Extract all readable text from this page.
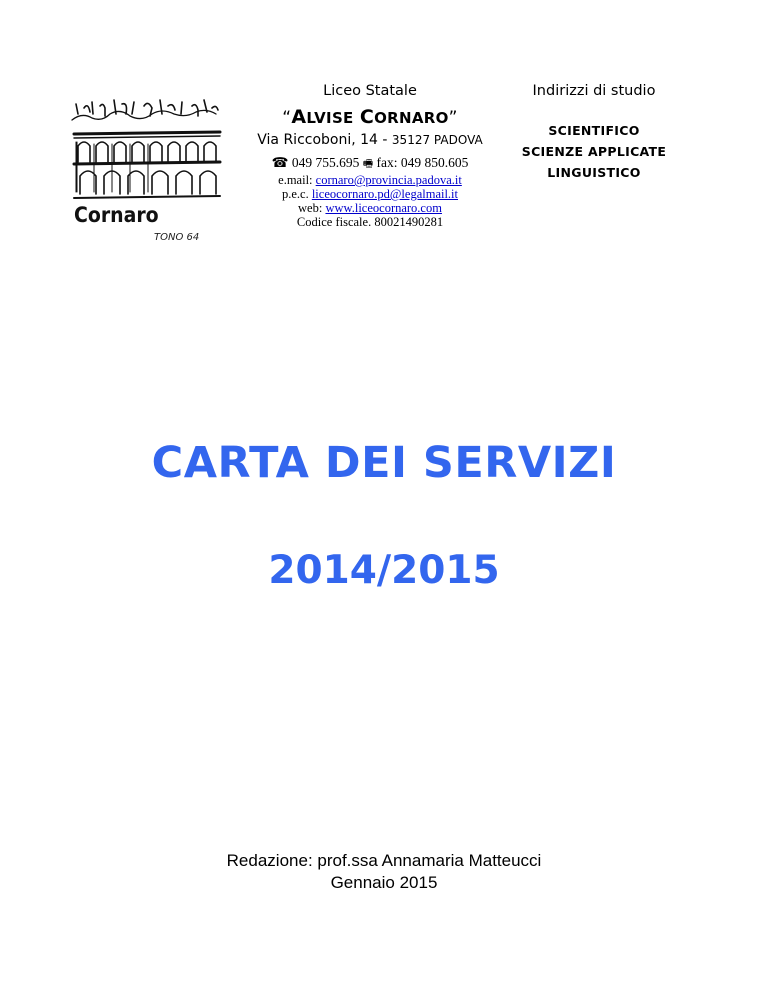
Cornaro
TONO 64
Liceo Statale
“ALVISE CORNARO”
Via Riccoboni, 14 - 35127 PADOVA
☎ 049 755.695 🖷 fax: 049 850.605
e.mail: cornaro@provincia.padova.it
p.e.c. liceocornaro.pd@legalmail.it
web: www.liceocornaro.com
Codice fiscale. 80021490281
Indirizzi di studio
SCIENTIFICO
SCIENZE APPLICATE
LINGUISTICO
CARTA DEI SERVIZI
2014/2015
Redazione: prof.ssa Annamaria Matteucci
Gennaio 2015
